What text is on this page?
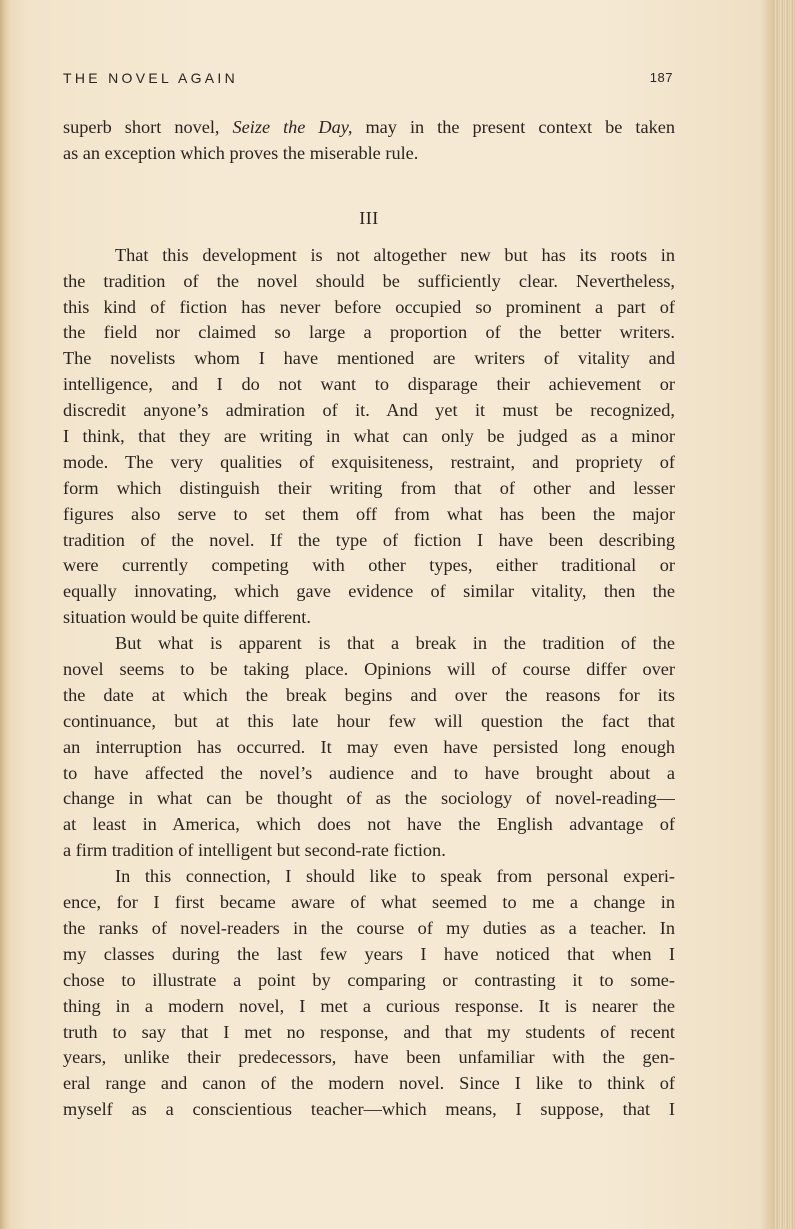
THE NOVEL AGAIN	187
superb short novel, Seize the Day, may in the present context be taken
as an exception which proves the miserable rule.
III
That this development is not altogether new but has its roots in
the tradition of the novel should be sufficiently clear. Nevertheless,
this kind of fiction has never before occupied so prominent a part of
the field nor claimed so large a proportion of the better writers.
The novelists whom I have mentioned are writers of vitality and
intelligence, and I do not want to disparage their achievement or
discredit anyone’s admiration of it. And yet it must be recognized,
I think, that they are writing in what can only be judged as a minor
mode. The very qualities of exquisiteness, restraint, and propriety of
form which distinguish their writing from that of other and lesser
figures also serve to set them off from what has been the major
tradition of the novel. If the type of fiction I have been describing
were currently competing with other types, either traditional or
equally innovating, which gave evidence of similar vitality, then the
situation would be quite different.
But what is apparent is that a break in the tradition of the
novel seems to be taking place. Opinions will of course differ over
the date at which the break begins and over the reasons for its
continuance, but at this late hour few will question the fact that
an interruption has occurred. It may even have persisted long enough
to have affected the novel’s audience and to have brought about a
change in what can be thought of as the sociology of novel-reading—
at least in America, which does not have the English advantage of
a firm tradition of intelligent but second-rate fiction.
In this connection, I should like to speak from personal experi-
ence, for I first became aware of what seemed to me a change in
the ranks of novel-readers in the course of my duties as a teacher. In
my classes during the last few years I have noticed that when I
chose to illustrate a point by comparing or contrasting it to some-
thing in a modern novel, I met a curious response. It is nearer the
truth to say that I met no response, and that my students of recent
years, unlike their predecessors, have been unfamiliar with the gen-
eral range and canon of the modern novel. Since I like to think of
myself as a conscientious teacher—which means, I suppose, that I
